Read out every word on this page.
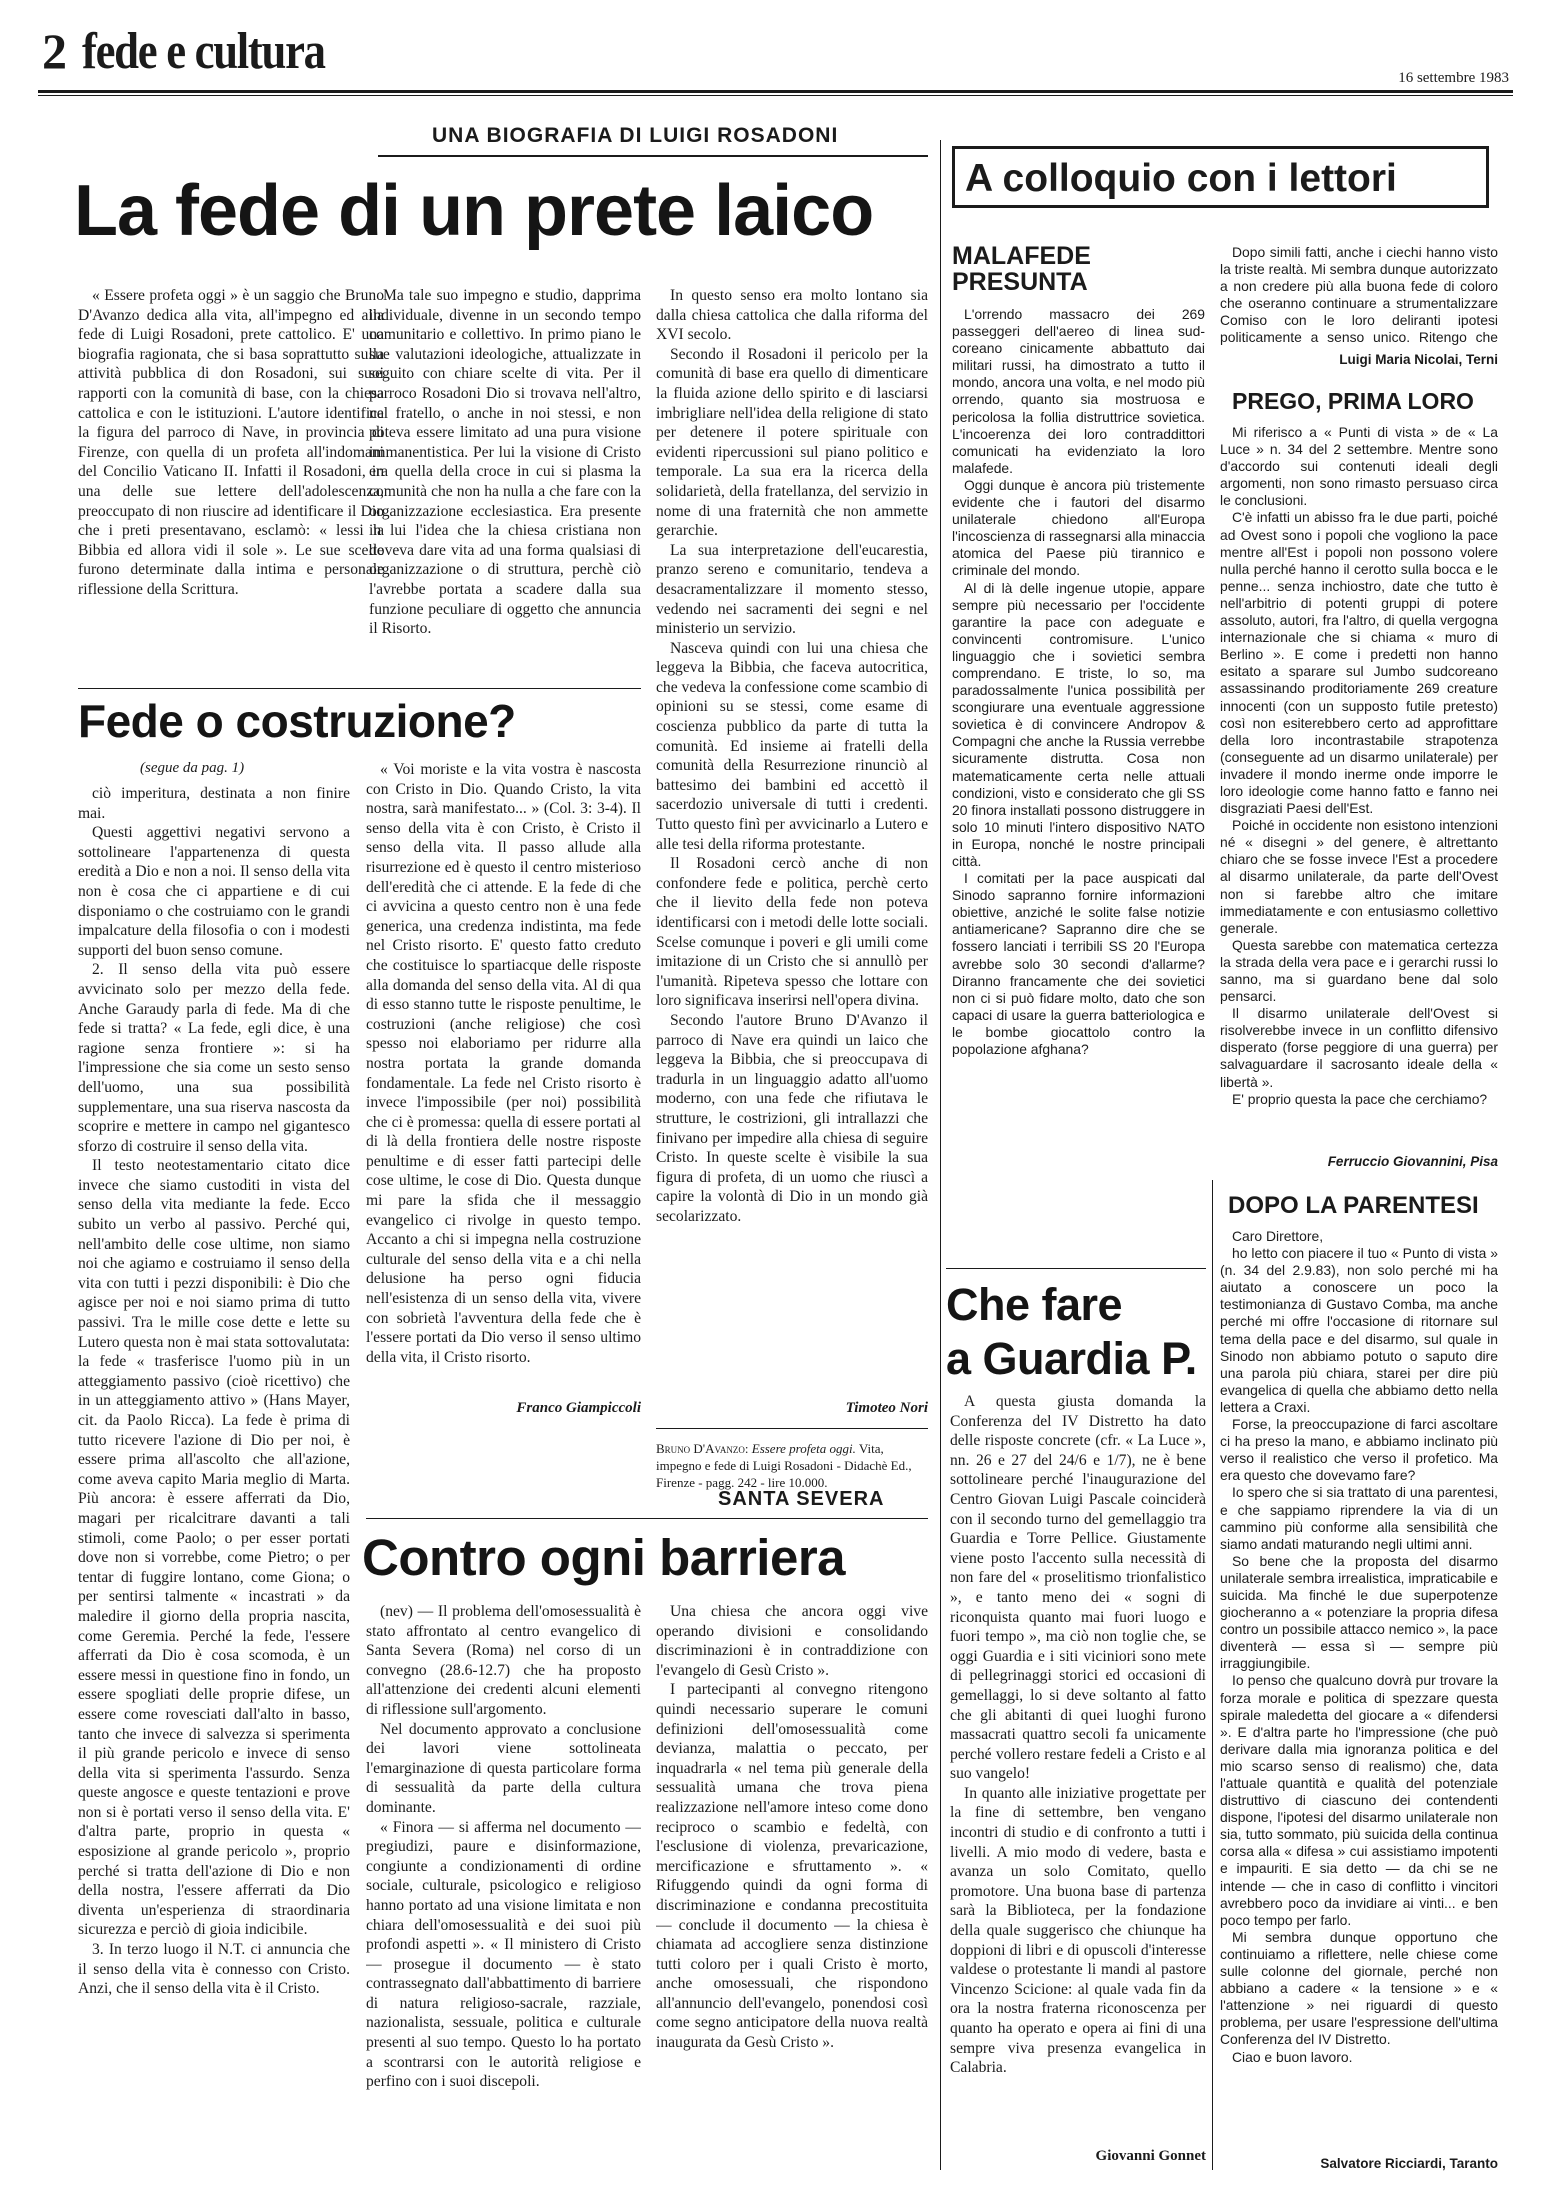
2 fede e cultura	16 settembre 1983
UNA BIOGRAFIA DI LUIGI ROSADONI
La fede di un prete laico

« Essere profeta oggi » è un saggio che Bruno D'Avanzo dedica alla vita, all'impegno ed alla fede di Luigi Rosadoni, prete cattolico. E' una biografia ragionata, che si basa soprattutto sulla attività pubblica di don Rosadoni, sui suoi rapporti con la comunità di base, con la chiesa cattolica e con le istituzioni. L'autore identifica la figura del parroco di Nave, in provincia di Firenze, con quella di un profeta all'indomani del Concilio Vaticano II. Infatti il Rosadoni, in una delle sue lettere dell'adolescenza, preoccupato di non riuscire ad identificare il Dio che i preti presentavano, esclamò: « lessi la Bibbia ed allora vidi il sole ». Le sue scelte furono determinate dalla intima e personale riflessione della Scrittura.

Ma tale suo impegno e studio, dapprima individuale, divenne in un secondo tempo comunitario e collettivo. In primo piano le sue valutazioni ideologiche, attualizzate in seguito con chiare scelte di vita. Per il parroco Rosadoni Dio si trovava nell'altro, nel fratello, o anche in noi stessi, e non poteva essere limitato ad una pura visione immanentistica. Per lui la visione di Cristo era quella della croce in cui si plasma la comunità che non ha nulla a che fare con la organizzazione ecclesiastica. Era presente in lui l'idea che la chiesa cristiana non doveva dare vita ad una forma qualsiasi di organizzazione o di struttura, perchè ciò l'avrebbe portata a scadere dalla sua funzione peculiare di oggetto che annuncia il Risorto.

In questo senso era molto lontano sia dalla chiesa cattolica che dalla riforma del XVI secolo.

Secondo il Rosadoni il pericolo per la comunità di base era quello di dimenticare la fluida azione dello spirito e di lasciarsi imbrigliare nell'idea della religione di stato per detenere il potere spirituale con evidenti ripercussioni sul piano politico e temporale. La sua era la ricerca della solidarietà, della fratellanza, del servizio in nome di una fraternità che non ammette gerarchie.

La sua interpretazione dell'eucarestia, pranzo sereno e comunitario, tendeva a desacramentalizzare il momento stesso, vedendo nei sacramenti dei segni e nel ministerio un servizio.

Nasceva quindi con lui una chiesa che leggeva la Bibbia, che faceva autocritica, che vedeva la confessione come scambio di opinioni su se stessi, come esame di coscienza pubblico da parte di tutta la comunità. Ed insieme ai fratelli della comunità della Resurrezione rinunciò al battesimo dei bambini ed accettò il sacerdozio universale di tutti i credenti. Tutto questo finì per avvicinarlo a Lutero e alle tesi della riforma protestante.

Il Rosadoni cercò anche di non confondere fede e politica, perchè certo che il lievito della fede non poteva identificarsi con i metodi delle lotte sociali. Scelse comunque i poveri e gli umili come imitazione di un Cristo che si annullò per l'umanità. Ripeteva spesso che lottare con loro significava inserirsi nell'opera divina.

Secondo l'autore Bruno D'Avanzo il parroco di Nave era quindi un laico che leggeva la Bibbia, che si preoccupava di tradurla in un linguaggio adatto all'uomo moderno, con una fede che rifiutava le strutture, le costrizioni, gli intrallazzi che finivano per impedire alla chiesa di seguire Cristo. In queste scelte è visibile la sua figura di profeta, di un uomo che riuscì a capire la volontà di Dio in un mondo già secolarizzato.

Timoteo Nori
Bruno D'Avanzo: Essere profeta oggi. Vita, impegno e fede di Luigi Rosadoni - Didachè Ed., Firenze - pagg. 242 - lire 10.000.
Fede o costruzione?
(segue da pag. 1)

ciò imperitura, destinata a non finire mai.

Questi aggettivi negativi servono a sottolineare l'appartenenza di questa eredità a Dio e non a noi. Il senso della vita non è cosa che ci appartiene e di cui disponiamo o che costruiamo con le grandi impalcature della filosofia o con i modesti supporti del buon senso comune.

2. Il senso della vita può essere avvicinato solo per mezzo della fede. Anche Garaudy parla di fede. Ma di che fede si tratta? « La fede, egli dice, è una ragione senza frontiere »: si ha l'impressione che sia come un sesto senso dell'uomo, una sua possibilità supplementare, una sua riserva nascosta da scoprire e mettere in campo nel gigantesco sforzo di costruire il senso della vita.

Il testo neotestamentario citato dice invece che siamo custoditi in vista del senso della vita mediante la fede. Ecco subito un verbo al passivo. Perché qui, nell'ambito delle cose ultime, non siamo noi che agiamo e costruiamo il senso della vita con tutti i pezzi disponibili: è Dio che agisce per noi e noi siamo prima di tutto passivi. Tra le mille cose dette e lette su Lutero questa non è mai stata sottovalutata: la fede « trasferisce l'uomo più in un atteggiamento passivo (cioè ricettivo) che in un atteggiamento attivo » (Hans Mayer, cit. da Paolo Ricca). La fede è prima di tutto ricevere l'azione di Dio per noi, è essere prima all'ascolto che all'azione, come aveva capito Maria meglio di Marta. Più ancora: è essere afferrati da Dio, magari per ricalcitrare davanti a tali stimoli, come Paolo; o per esser portati dove non si vorrebbe, come Pietro; o per tentar di fuggire lontano, come Giona; o per sentirsi talmente « incastrati » da maledire il giorno della propria nascita, come Geremia. Perché la fede, l'essere afferrati da Dio è cosa scomoda, è un essere messi in questione fino in fondo, un essere spogliati delle proprie difese, un essere come rovesciati dall'alto in basso, tanto che invece di salvezza si sperimenta il più grande pericolo e invece di senso della vita si sperimenta l'assurdo. Senza queste angosce e queste tentazioni e prove non si è portati verso il senso della vita. E' d'altra parte, proprio in questa « esposizione al grande pericolo », proprio perché si tratta dell'azione di Dio e non della nostra, l'essere afferrati da Dio diventa un'esperienza di straordinaria sicurezza e perciò di gioia indicibile.

3. In terzo luogo il N.T. ci annuncia che il senso della vita è connesso con Cristo. Anzi, che il senso della vita è il Cristo.

« Voi moriste e la vita vostra è nascosta con Cristo in Dio. Quando Cristo, la vita nostra, sarà manifestato... » (Col. 3: 3-4). Il senso della vita è con Cristo, è Cristo il senso della vita. Il passo allude alla risurrezione ed è questo il centro misterioso dell'eredità che ci attende. E la fede di che ci avvicina a questo centro non è una fede generica, una credenza indistinta, ma fede nel Cristo risorto. E' questo fatto creduto che costituisce lo spartiacque delle risposte alla domanda del senso della vita. Al di qua di esso stanno tutte le risposte penultime, le costruzioni (anche religiose) che così spesso noi elaboriamo per ridurre alla nostra portata la grande domanda fondamentale. La fede nel Cristo risorto è invece l'impossibile (per noi) possibilità che ci è promessa: quella di essere portati al di là della frontiera delle nostre risposte penultime e di esser fatti partecipi delle cose ultime, le cose di Dio. Questa dunque mi pare la sfida che il messaggio evangelico ci rivolge in questo tempo. Accanto a chi si impegna nella costruzione culturale del senso della vita e a chi nella delusione ha perso ogni fiducia nell'esistenza di un senso della vita, vivere con sobrietà l'avventura della fede che è l'essere portati da Dio verso il senso ultimo della vita, il Cristo risorto.

Franco Giampiccoli
SANTA SEVERA
Contro ogni barriera

(nev) — Il problema dell'omosessualità è stato affrontato al centro evangelico di Santa Severa (Roma) nel corso di un convegno (28.6-12.7) che ha proposto all'attenzione dei credenti alcuni elementi di riflessione sull'argomento.

Nel documento approvato a conclusione dei lavori viene sottolineata l'emarginazione di questa particolare forma di sessualità da parte della cultura dominante.

« Finora — si afferma nel documento — pregiudizi, paure e disinformazione, congiunte a condizionamenti di ordine sociale, culturale, psicologico e religioso hanno portato ad una visione limitata e non chiara dell'omosessualità e dei suoi più profondi aspetti ». « Il ministero di Cristo — prosegue il documento — è stato contrassegnato dall'abbattimento di barriere di natura religioso-sacrale, razziale, nazionalista, sessuale, politica e culturale presenti al suo tempo. Questo lo ha portato a scontrarsi con le autorità religiose e perfino con i suoi discepoli.

Una chiesa che ancora oggi vive operando divisioni e consolidando discriminazioni è in contraddizione con l'evangelo di Gesù Cristo ».

I partecipanti al convegno ritengono quindi necessario superare le comuni definizioni dell'omosessualità come devianza, malattia o peccato, per inquadrarla « nel tema più generale della sessualità umana che trova piena realizzazione nell'amore inteso come dono reciproco o scambio e fedeltà, con l'esclusione di violenza, prevaricazione, mercificazione e sfruttamento ». « Rifuggendo quindi da ogni forma di discriminazione e condanna precostituita — conclude il documento — la chiesa è chiamata ad accogliere senza distinzione tutti coloro per i quali Cristo è morto, anche omosessuali, che rispondono all'annuncio dell'evangelo, ponendosi così come segno anticipatore della nuova realtà inaugurata da Gesù Cristo ».

A colloquio con i lettori
MALAFEDE
PRESUNTA

L'orrendo massacro dei 269 passeggeri dell'aereo di linea sud-coreano cinicamente abbattuto dai militari russi, ha dimostrato a tutto il mondo, ancora una volta, e nel modo più orrendo, quanto sia mostruosa e pericolosa la follia distruttrice sovietica. L'incoerenza dei loro contraddittori comunicati ha evidenziato la loro malafede.

Oggi dunque è ancora più tristemente evidente che i fautori del disarmo unilaterale chiedono all'Europa l'incoscienza di rassegnarsi alla minaccia atomica del Paese più tirannico e criminale del mondo.

Al di là delle ingenue utopie, appare sempre più necessario per l'occidente garantire la pace con adeguate e convincenti contromisure. L'unico linguaggio che i sovietici sembra comprendano. E triste, lo so, ma paradossalmente l'unica possibilità per scongiurare una eventuale aggressione sovietica è di convincere Andropov & Compagni che anche la Russia verrebbe sicuramente distrutta. Cosa non matematicamente certa nelle attuali condizioni, visto e considerato che gli SS 20 finora installati possono distruggere in solo 10 minuti l'intero dispositivo NATO in Europa, nonché le nostre principali città.

I comitati per la pace auspicati dal Sinodo sapranno fornire informazioni obiettive, anziché le solite false notizie antiamericane? Sapranno dire che se fossero lanciati i terribili SS 20 l'Europa avrebbe solo 30 secondi d'allarme? Diranno francamente che dei sovietici non ci si può fidare molto, dato che son capaci di usare la guerra batteriologica e le bombe giocattolo contro la popolazione afghana?

Dopo simili fatti, anche i ciechi hanno visto la triste realtà. Mi sembra dunque autorizzato a non credere più alla buona fede di coloro che oseranno continuare a strumentalizzare Comiso con le loro deliranti ipotesi politicamente a senso unico. Ritengo che

Luigi Maria Nicolai, Terni
PREGO, PRIMA LORO

Mi riferisco a « Punti di vista » de « La Luce » n. 34 del 2 settembre. Mentre sono d'accordo sui contenuti ideali degli argomenti, non sono rimasto persuaso circa le conclusioni.

C'è infatti un abisso fra le due parti, poiché ad Ovest sono i popoli che vogliono la pace mentre all'Est i popoli non possono volere nulla perché hanno il cerotto sulla bocca e le penne... senza inchiostro, date che tutto è nell'arbitrio di potenti gruppi di potere assoluto, autori, fra l'altro, di quella vergogna internazionale che si chiama « muro di Berlino ». E come i predetti non hanno esitato a sparare sul Jumbo sudcoreano assassinando proditoriamente 269 creature innocenti (con un supposto futile pretesto) così non esiterebbero certo ad approfittare della loro incontrastabile strapotenza (conseguente ad un disarmo unilaterale) per invadere il mondo inerme onde imporre le loro ideologie come hanno fatto e fanno nei disgraziati Paesi dell'Est.

Poiché in occidente non esistono intenzioni né « disegni » del genere, è altrettanto chiaro che se fosse invece l'Est a procedere al disarmo unilaterale, da parte dell'Ovest non si farebbe altro che imitare immediatamente e con entusiasmo collettivo generale.

Questa sarebbe con matematica certezza la strada della vera pace e i gerarchi russi lo sanno, ma si guardano bene dal solo pensarci.

Il disarmo unilaterale dell'Ovest si risolverebbe invece in un conflitto difensivo disperato (forse peggiore di una guerra) per salvaguardare il sacrosanto ideale della « libertà ».

E' proprio questa la pace che cerchiamo?

Ferruccio Giovannini, Pisa
Che fare
a Guardia P.

A questa giusta domanda la Conferenza del IV Distretto ha dato delle risposte concrete (cfr. « La Luce », nn. 26 e 27 del 24/6 e 1/7), ne è bene sottolineare perché l'inaugurazione del Centro Giovan Luigi Pascale coinciderà con il secondo turno del gemellaggio tra Guardia e Torre Pellice. Giustamente viene posto l'accento sulla necessità di non fare del « proselitismo trionfalistico », e tanto meno dei « sogni di riconquista quanto mai fuori luogo e fuori tempo », ma ciò non toglie che, se oggi Guardia e i siti viciniori sono mete di pellegrinaggi storici ed occasioni di gemellaggi, lo si deve soltanto al fatto che gli abitanti di quei luoghi furono massacrati quattro secoli fa unicamente perché vollero restare fedeli a Cristo e al suo vangelo!

In quanto alle iniziative progettate per la fine di settembre, ben vengano incontri di studio e di confronto a tutti i livelli. A mio modo di vedere, basta e avanza un solo Comitato, quello promotore. Una buona base di partenza sarà la Biblioteca, per la fondazione della quale suggerisco che chiunque ha doppioni di libri e di opuscoli d'interesse valdese o protestante li mandi al pastore Vincenzo Scicione: al quale vada fin da ora la nostra fraterna riconoscenza per quanto ha operato e opera ai fini di una sempre viva presenza evangelica in Calabria.

Giovanni Gonnet
DOPO LA PARENTESI

Caro Direttore,

ho letto con piacere il tuo « Punto di vista » (n. 34 del 2.9.83), non solo perché mi ha aiutato a conoscere un poco la testimonianza di Gustavo Comba, ma anche perché mi offre l'occasione di ritornare sul tema della pace e del disarmo, sul quale in Sinodo non abbiamo potuto o saputo dire una parola più chiara, starei per dire più evangelica di quella che abbiamo detto nella lettera a Craxi.

Forse, la preoccupazione di farci ascoltare ci ha preso la mano, e abbiamo inclinato più verso il realistico che verso il profetico. Ma era questo che dovevamo fare?

Io spero che si sia trattato di una parentesi, e che sappiamo riprendere la via di un cammino più conforme alla sensibilità che siamo andati maturando negli ultimi anni.

So bene che la proposta del disarmo unilaterale sembra irrealistica, impraticabile e suicida. Ma finché le due superpotenze giocheranno a « potenziare la propria difesa contro un possibile attacco nemico », la pace diventerà — essa sì — sempre più irraggiungibile.

Io penso che qualcuno dovrà pur trovare la forza morale e politica di spezzare questa spirale maledetta del giocare a « difendersi ». E d'altra parte ho l'impressione (che può derivare dalla mia ignoranza politica e del mio scarso senso di realismo) che, data l'attuale quantità e qualità del potenziale distruttivo di ciascuno dei contendenti dispone, l'ipotesi del disarmo unilaterale non sia, tutto sommato, più suicida della continua corsa alla « difesa » cui assistiamo impotenti e impauriti. E sia detto — da chi se ne intende — che in caso di conflitto i vincitori avrebbero poco da invidiare ai vinti... e ben poco tempo per farlo.

Mi sembra dunque opportuno che continuiamo a riflettere, nelle chiese come sulle colonne del giornale, perché non abbiano a cadere « la tensione » e « l'attenzione » nei riguardi di questo problema, per usare l'espressione dell'ultima Conferenza del IV Distretto.

Ciao e buon lavoro.

Salvatore Ricciardi, Taranto
